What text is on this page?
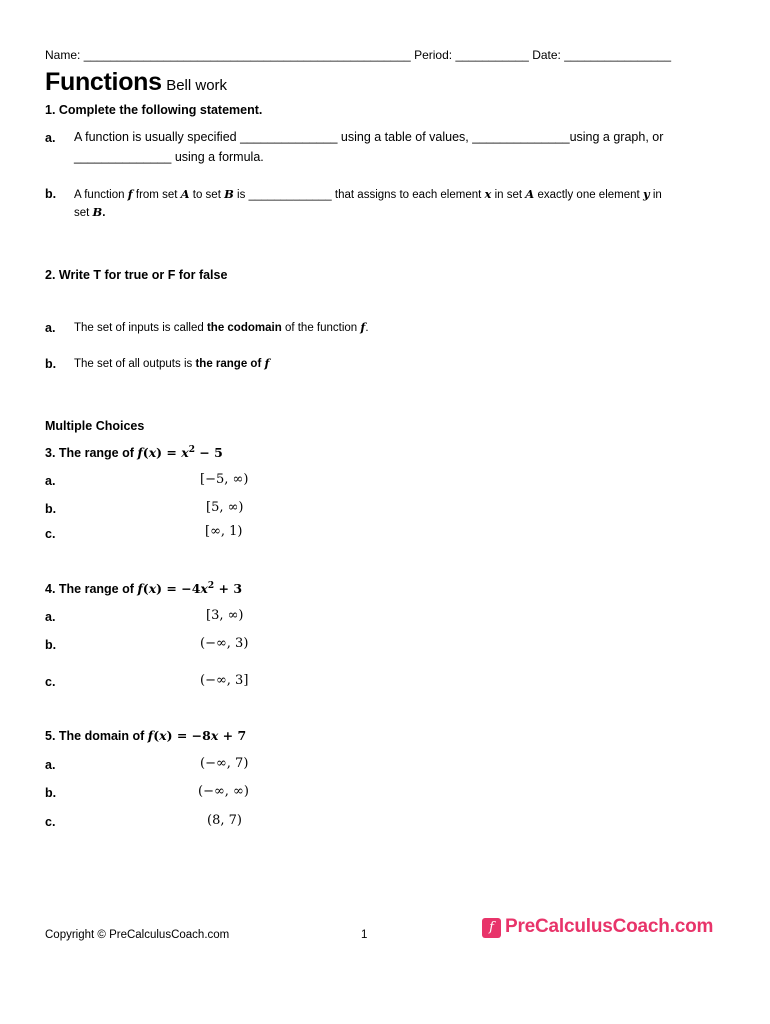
Name: _________________________________________________ Period: ___________ Date: ________________
Functions Bell work
1. Complete the following statement.
a. A function is usually specified ______________ using a table of values, ______________using a graph, or
______________ using a formula.
b. A function f from set A to set B is _____________ that assigns to each element x in set A exactly one element y in
set B.
2. Write T for true or F for false
a. The set of inputs is called the codomain of the function f.
b. The set of all outputs is the range of f
Multiple Choices
3. The range of $f(x) = x^2 - 5$
a.	[−5, ∞)
b.	[5, ∞)
c.	[∞, 1)
4. The range of $f(x) = -4x^2 + 3$
a.	[3, ∞)
b.	(−∞, 3)
c.	(−∞, 3]
5. The domain of f(x) = −8x + 7
a.	(−∞, 7)
b.	(−∞, ∞)
c.	(8, 7)
Copyright © PreCalculusCoach.com	1	f PreCalculusCoach.com
